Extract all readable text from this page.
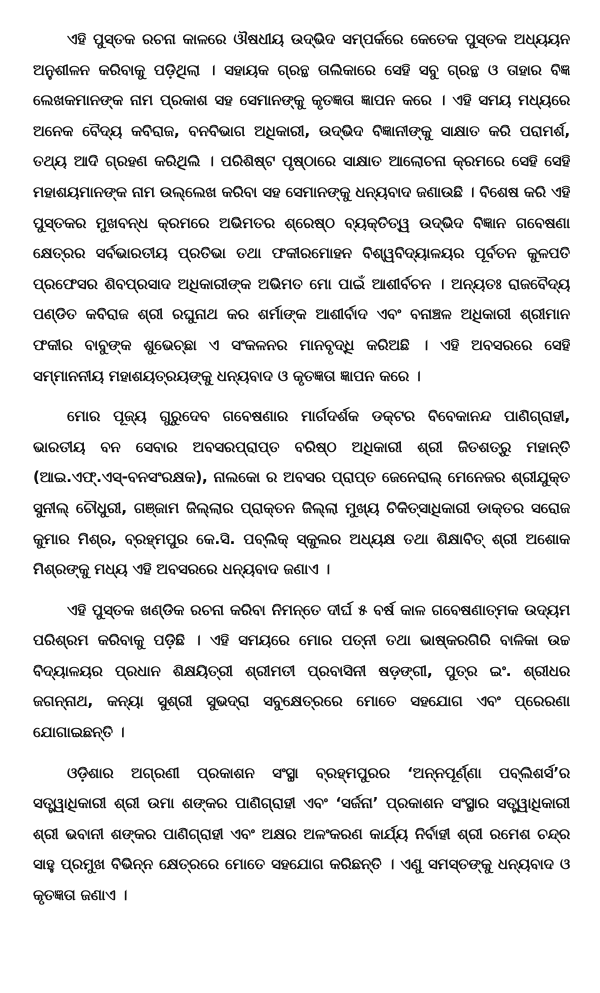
ଏହି ପୁସ୍ତକ ରଚନା କାଳରେ ଔଷଧୀୟ ଉଦ୍ଭିଦ ସମ୍ପର୍କରେ କେତେକ ପୁସ୍ତକ ଅଧ୍ୟୟନ ଅନୁଶୀଳନ କରିବାକୁ ପଡ଼ିଥିଲା । ସହାୟକ ଗ୍ରନ୍ଥ ତାଲିକାରେ ସେହି ସବୁ ଗ୍ରନ୍ଥ ଓ ତାହାର ବିଜ୍ଞ ଲେଖକମାନଙ୍କ ନାମ ପ୍ରକାଶ ସହ ସେମାନଙ୍କୁ କୃତଜ୍ଞତା ଜ୍ଞାପନ କରେ । ଏହି ସମୟ ମଧ୍ୟରେ ଅନେକ ବୈଦ୍ୟ କବିରାଜ, ବନବିଭାଗ ଅଧିକାରୀ, ଉଦ୍ଭିଦ ବିଜ୍ଞାନୀଙ୍କୁ ସାକ୍ଷାତ କରି ପରାମର୍ଶ, ତଥ୍ୟ ଆଦି ଗ୍ରହଣ କରିଥିଲି । ପରିଶିଷ୍ଟ ପୃଷ୍ଠାରେ ସାକ୍ଷାତ ଆଲୋଚନା କ୍ରମରେ ସେହି ସେହି ମହାଶୟମାନଙ୍କ ନାମ ଉଲ୍ଲେଖ କରିବା ସହ ସେମାନଙ୍କୁ ଧନ୍ୟବାଦ ଜଣାଉଛି । ବିଶେଷ କରି ଏହି ପୁସ୍ତକର ମୁଖବନ୍ଧ କ୍ରମରେ ଅଭିମତର ଶ୍ରେଷ୍ଠ ବ୍ୟକ୍ତିତ୍ୱ ଉଦ୍ଭିଦ ବିଜ୍ଞାନ ଗବେଷଣା କ୍ଷେତ୍ରର ସର୍ବଭାରତୀୟ ପ୍ରତିଭା ତଥା ଫକୀରମୋହନ ବିଶ୍ୱବିଦ୍ୟାଳୟର ପୂର୍ବତନ କୁଳପତି ପ୍ରଫେସର ଶିବପ୍ରସାଦ ଅଧିକାରୀଙ୍କ ଅଭିମତ ମୋ ପାଇଁ ଆଶୀର୍ବଚନ । ଅନ୍ୟତଃ ରାଜବୈଦ୍ୟ ପଣ୍ଡିତ କବିରାଜ ଶ୍ରୀ ରଘୁନାଥ କର ଶର୍ମାଙ୍କ ଆଶୀର୍ବାଦ ଏବଂ ବନାଞ୍ଚଳ ଅଧିକାରୀ ଶ୍ରୀମାନ ଫକୀର ବାବୁଙ୍କ ଶୁଭେଚ୍ଛା ଏ ସଂକଳନର ମାନବୃଦ୍ଧି କରିଅଛି । ଏହି ଅବସରରେ ସେହି ସମ୍ମାନନୀୟ ମହାଶୟତ୍ରୟଙ୍କୁ ଧନ୍ୟବାଦ ଓ କୃତଜ୍ଞତା ଜ୍ଞାପନ କରେ ।

ମୋର ପୂଜ୍ୟ ଗୁରୁଦେବ ଗବେଷଣାର ମାର୍ଗଦର୍ଶକ ଡକ୍ଟର ବିବେକାନନ୍ଦ ପାଣିଗ୍ରାହୀ, ଭାରତୀୟ ବନ ସେବାର ଅବସରପ୍ରାପ୍ତ ବରିଷ୍ଠ ଅଧିକାରୀ ଶ୍ରୀ ଜିତଶତ୍ରୁ ମହାନ୍ତି (ଆଇ.ଏଫ୍.ଏସ୍-ବନସଂରକ୍ଷକ), ନାଲକୋ ର ଅବସର ପ୍ରାପ୍ତ ଜେନେରାଲ୍ ମେନେଜର ଶ୍ରୀଯୁକ୍ତ ସୁନୀଲ୍ ଚୌଧୁରୀ, ଗଞ୍ଜାମ ଜିଲ୍ଲାର ପ୍ରାକ୍ତନ ଜିଲ୍ଲା ମୁଖ୍ୟ ଚିକିତ୍ସାଧିକାରୀ ଡାକ୍ତର ସରୋଜ କୁମାର ମିଶ୍ର, ବ୍ରହ୍ମପୁର କେ.ସି. ପବ୍ଲିକ୍ ସ୍କୁଲର ଅଧ୍ୟକ୍ଷ ତଥା ଶିକ୍ଷାବିତ୍ ଶ୍ରୀ ଅଶୋକ ମିଶ୍ରଙ୍କୁ ମଧ୍ୟ ଏହି ଅବସରରେ ଧନ୍ୟବାଦ ଜଣାଏ ।

ଏହି ପୁସ୍ତକ ଖଣ୍ଡିକ ରଚନା କରିବା ନିମନ୍ତେ ଦୀର୍ଘ ୫ ବର୍ଷ କାଳ ଗବେଷଣାତ୍ମକ ଉଦ୍ୟମ ପରିଶ୍ରମ କରିବାକୁ ପଡ଼ିଛି । ଏହି ସମୟରେ ମୋର ପତ୍ନୀ ତଥା ଭାଷ୍କରଗିରି ବାଳିକା ଉଚ୍ଚ ବିଦ୍ୟାଳୟର ପ୍ରଧାନ ଶିକ୍ଷୟିତ୍ରୀ ଶ୍ରୀମତୀ ପ୍ରବାସିନୀ ଷଡ଼ଙ୍ଗୀ, ପୁତ୍ର ଇଂ. ଶ୍ରୀଧର ଜଗନ୍ନାଥ, କନ୍ୟା ସୁଶ୍ରୀ ସୁଭଦ୍ରା ସବୁକ୍ଷେତ୍ରରେ ମୋତେ ସହଯୋଗ ଏବଂ ପ୍ରେରଣା ଯୋଗାଇଛନ୍ତି ।

ଓଡ଼ିଶାର ଅଗ୍ରଣୀ ପ୍ରକାଶନ ସଂସ୍ଥା ବ୍ରହ୍ମପୁରର ‘ଅନ୍ନପୂର୍ଣ୍ଣା ପବ୍ଲିଶର୍ସ’ର ସତ୍ତ୍ୱାଧିକାରୀ ଶ୍ରୀ ଉମା ଶଙ୍କର ପାଣିଗ୍ରାହୀ ଏବଂ ‘ସର୍ଜନା’ ପ୍ରକାଶନ ସଂସ୍ଥାର ସତ୍ତ୍ୱାଧିକାରୀ ଶ୍ରୀ ଭବାନୀ ଶଙ୍କର ପାଣିଗ୍ରାହୀ ଏବଂ ଅକ୍ଷର ଅଳଂକରଣ କାର୍ଯ୍ୟ ନିର୍ବାହୀ ଶ୍ରୀ ରମେଶ ଚନ୍ଦ୍ର ସାହୁ ପ୍ରମୁଖ ବିଭିନ୍ନ କ୍ଷେତ୍ରରେ ମୋତେ ସହଯୋଗ କରିଛନ୍ତି । ଏଣୁ ସମସ୍ତଙ୍କୁ ଧନ୍ୟବାଦ ଓ କୃତଜ୍ଞତା ଜଣାଏ ।
